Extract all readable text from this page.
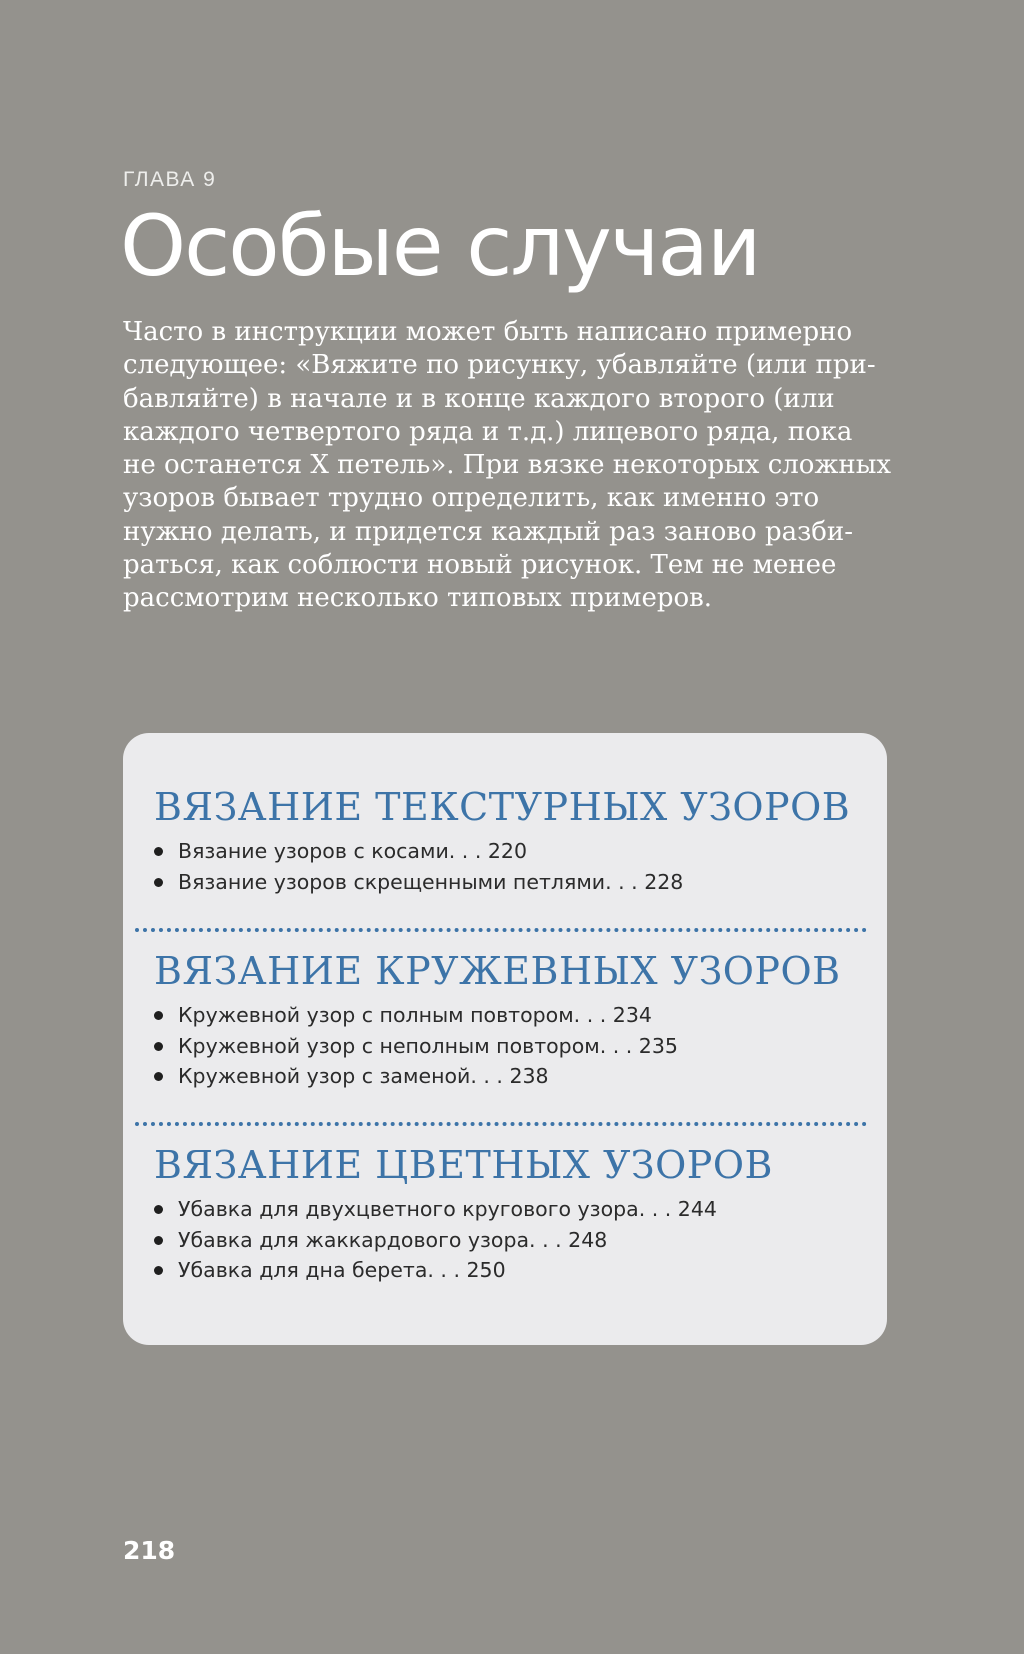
ГЛАВА 9
Особые случаи

Часто в инструкции может быть написано примерно
следующее: «Вяжите по рисунку, убавляйте (или при-
бавляйте) в начале и в конце каждого второго (или
каждого четвертого ряда и т.д.) лицевого ряда, пока
не останется Х петель». При вязке некоторых сложных
узоров бывает трудно определить, как именно это
нужно делать, и придется каждый раз заново разби-
раться, как соблюсти новый рисунок. Тем не менее
рассмотрим несколько типовых примеров.

ВЯЗАНИЕ ТЕКСТУРНЫХ УЗОРОВ
Вязание узоров с косами. . . 220
Вязание узоров скрещенными петлями. . . 228
ВЯЗАНИЕ КРУЖЕВНЫХ УЗОРОВ
Кружевной узор с полным повтором. . . 234
Кружевной узор с неполным повтором. . . 235
Кружевной узор с заменой. . . 238
ВЯЗАНИЕ ЦВЕТНЫХ УЗОРОВ
Убавка для двухцветного кругового узора. . . 244
Убавка для жаккардового узора. . . 248
Убавка для дна берета. . . 250
218
